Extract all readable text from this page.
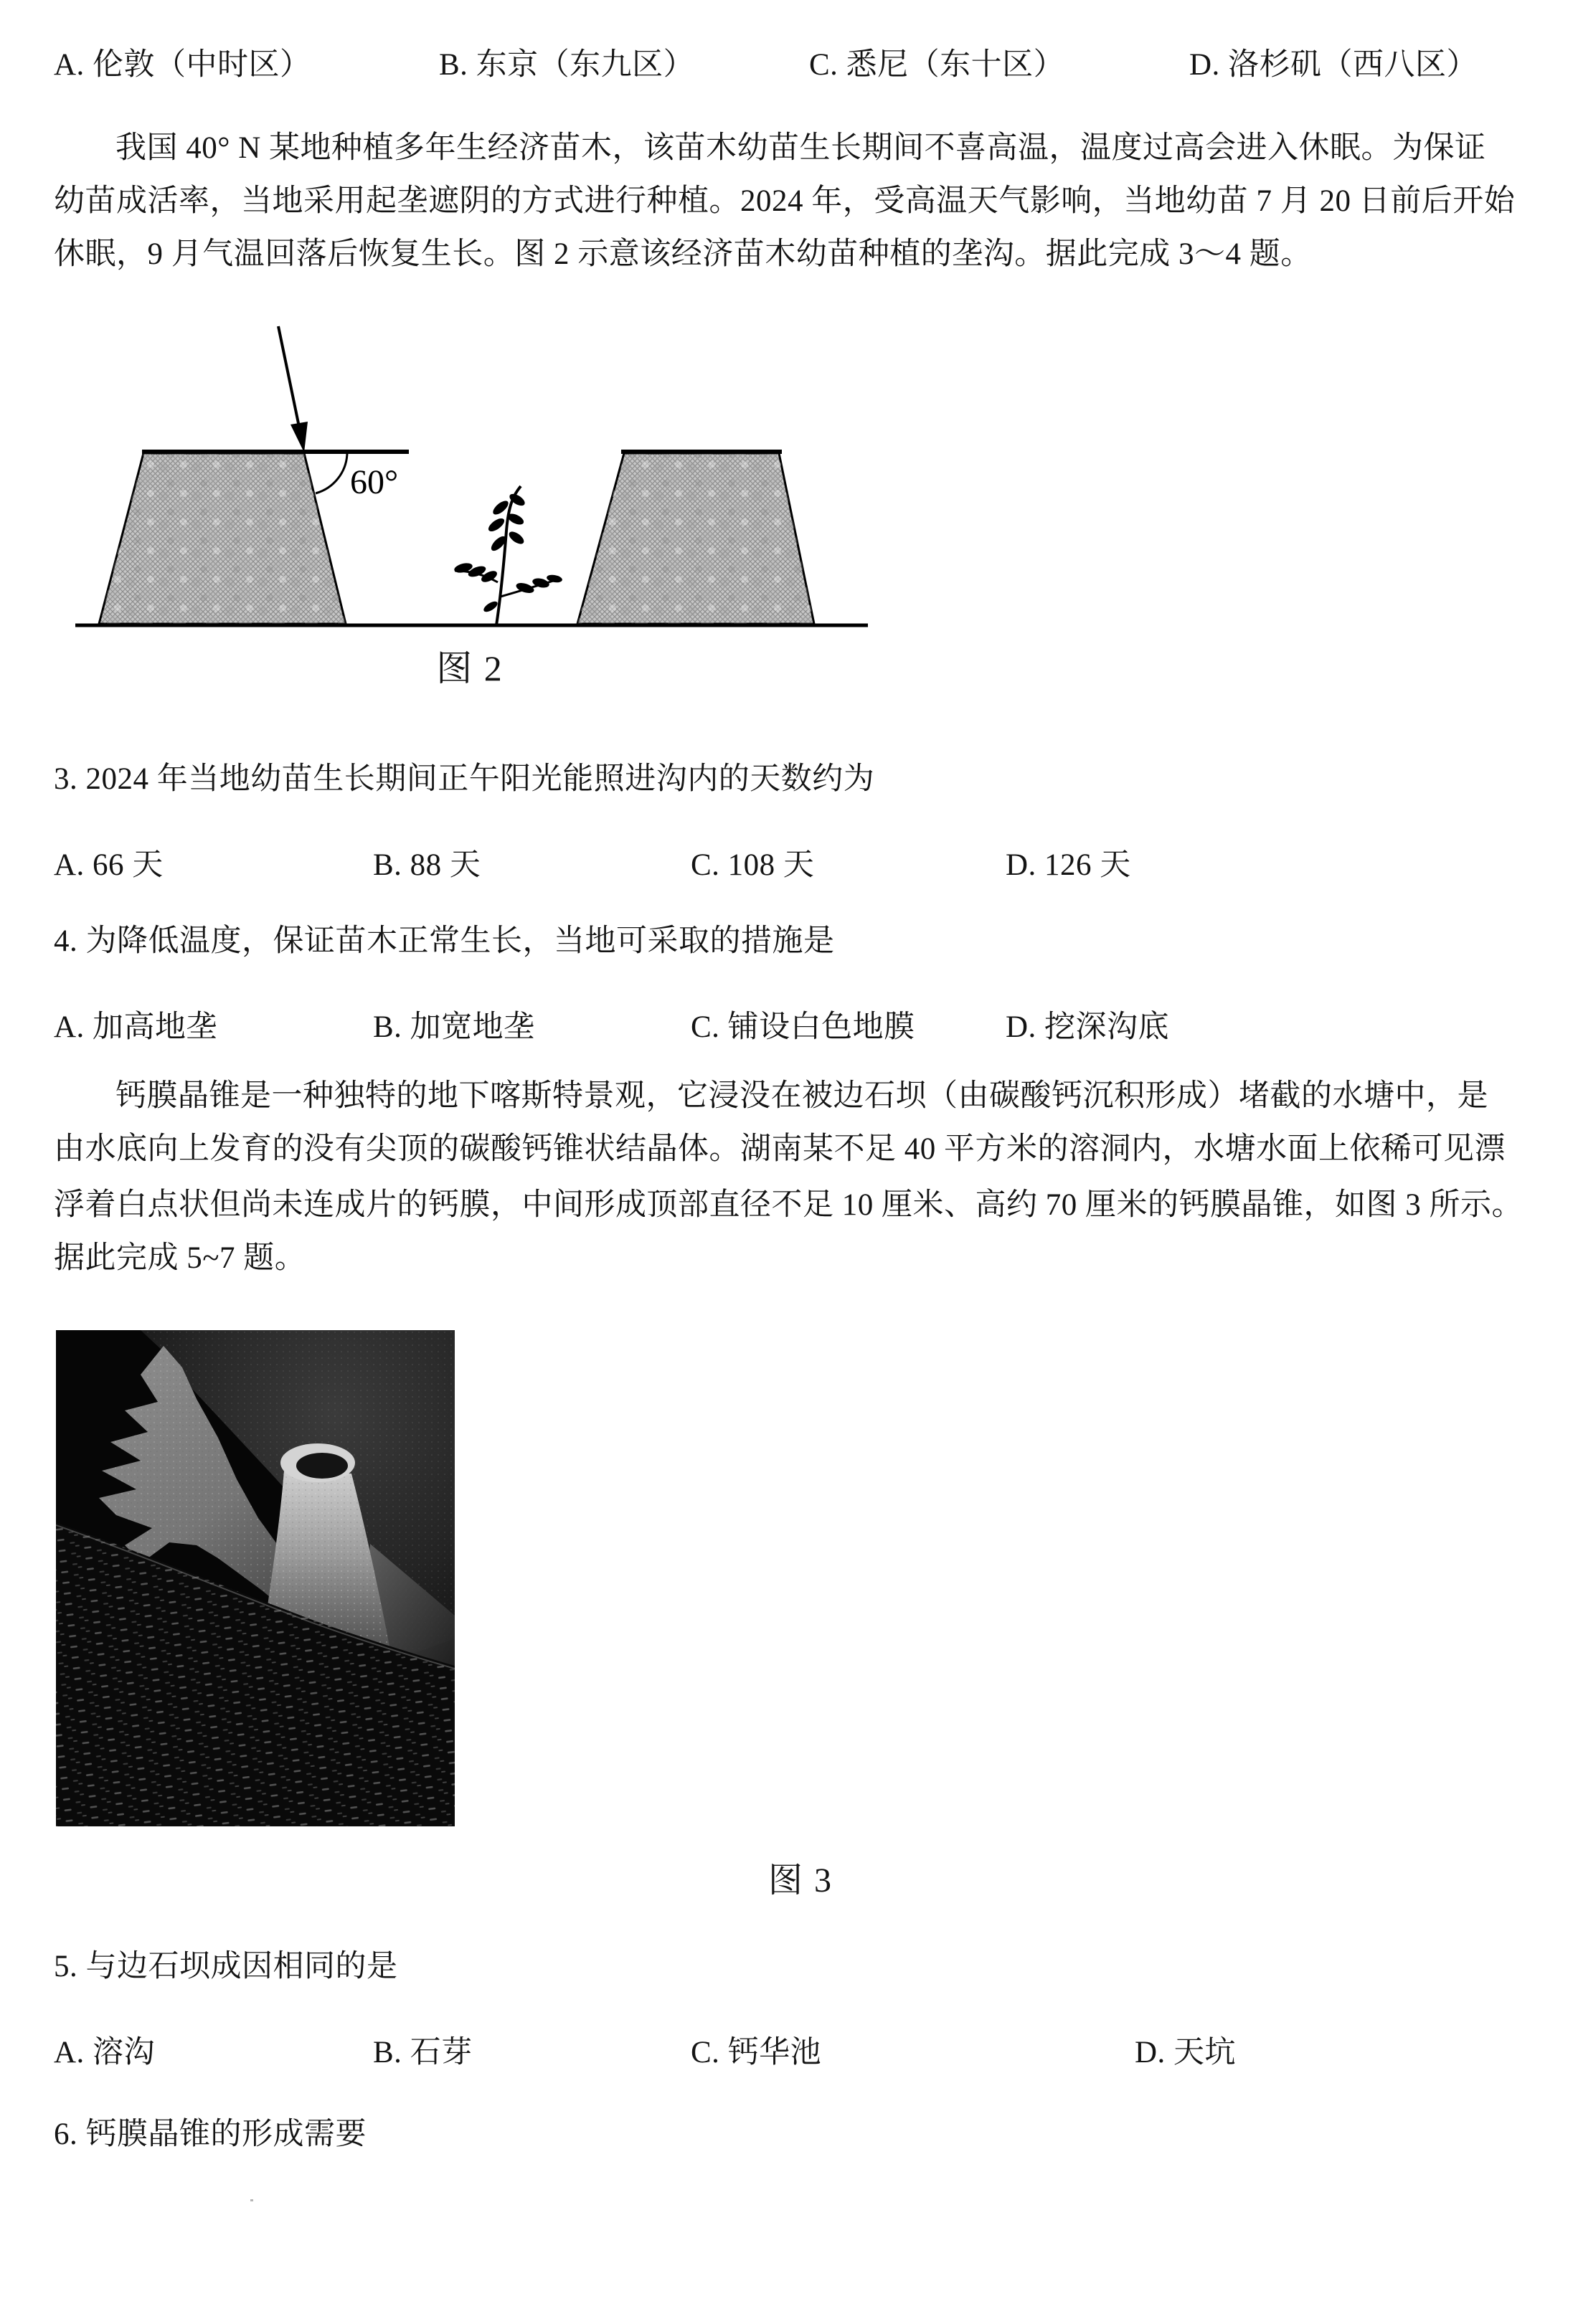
A. 伦敦（中时区）	B. 东京（东九区）	C. 悉尼（东十区）	D. 洛杉矶（西八区）
我国 40° N 某地种植多年生经济苗木，该苗木幼苗生长期间不喜高温，温度过高会进入休眠。为保证
幼苗成活率，当地采用起垄遮阴的方式进行种植。2024 年，受高温天气影响，当地幼苗 7 月 20 日前后开始
休眠，9 月气温回落后恢复生长。图 2 示意该经济苗木幼苗种植的垄沟。据此完成 3～4 题。
60°
图 2
3. 2024 年当地幼苗生长期间正午阳光能照进沟内的天数约为
A. 66 天	B. 88 天	C. 108 天	D. 126 天
4. 为降低温度，保证苗木正常生长，当地可采取的措施是
A. 加高地垄	B. 加宽地垄	C. 铺设白色地膜	D. 挖深沟底
钙膜晶锥是一种独特的地下喀斯特景观，它浸没在被边石坝（由碳酸钙沉积形成）堵截的水塘中，是
由水底向上发育的没有尖顶的碳酸钙锥状结晶体。湖南某不足 40 平方米的溶洞内，水塘水面上依稀可见漂
浮着白点状但尚未连成片的钙膜，中间形成顶部直径不足 10 厘米、高约 70 厘米的钙膜晶锥，如图 3 所示。
据此完成 5~7 题。
图 3
5. 与边石坝成因相同的是
A. 溶沟	B. 石芽	C. 钙华池	D. 天坑
6. 钙膜晶锥的形成需要
